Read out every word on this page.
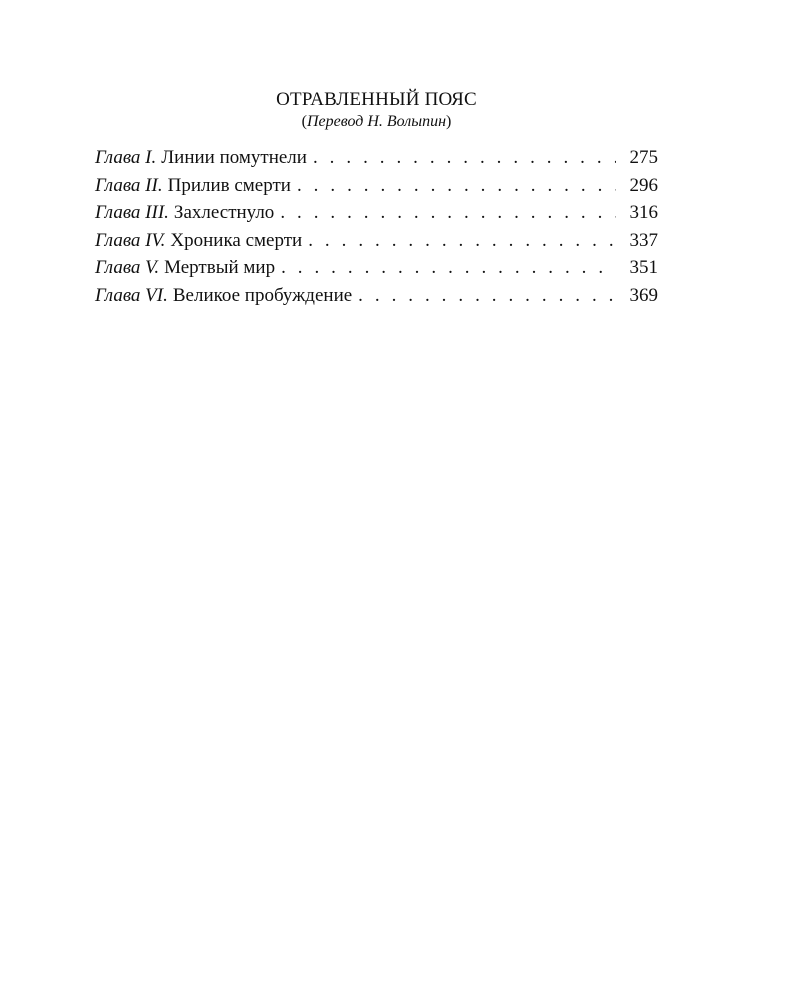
ОТРАВЛЕННЫЙ ПОЯС
(Перевод Н. Волыпин)
Глава I. Линии помутнели . . .	275
Глава II. Прилив смерти . . .	296
Глава III. Захлестнуло . . .	316
Глава IV. Хроника смерти . . .	337
Глава V. Мертвый мир . . .	351
Глава VI. Великое пробуждение . . .	369
